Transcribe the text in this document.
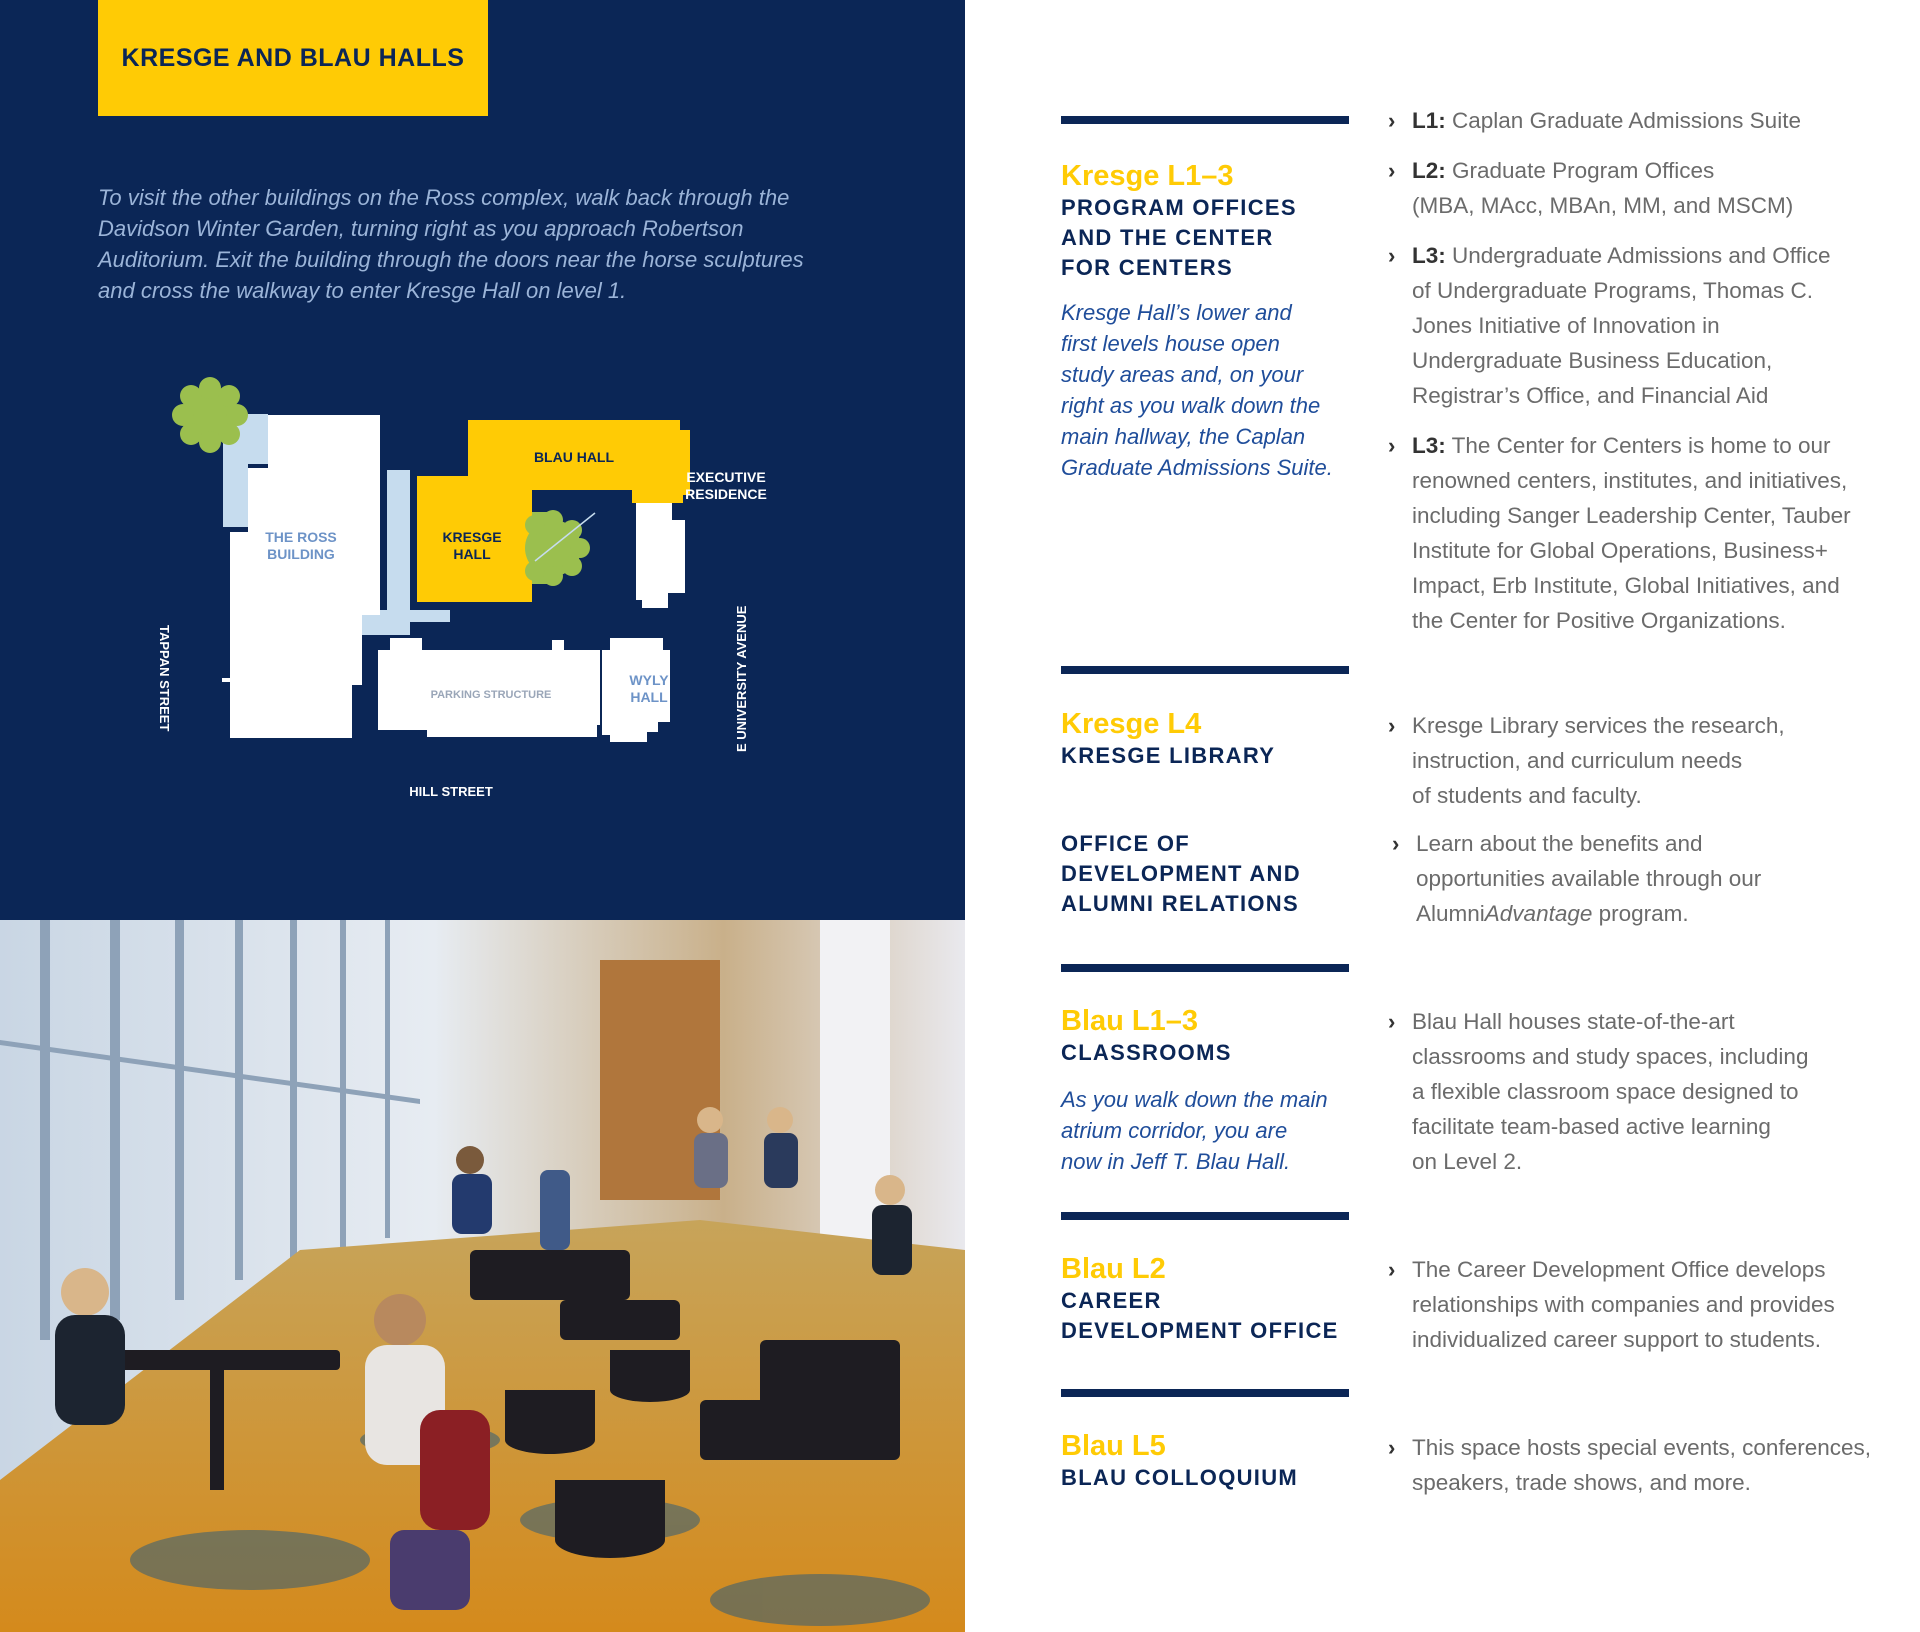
KRESGE AND BLAU HALLS

To visit the other buildings on the Ross complex, walk back through the Davidson Winter Garden, turning right as you approach Robertson Auditorium. Exit the building through the doors near the horse sculptures and cross the walkway to enter Kresge Hall on level 1.

THE ROSS
BUILDING
BLAU HALL
KRESGE
HALL
EXECUTIVE
RESIDENCE
PARKING STRUCTURE
WYLY
HALL
TAPPAN STREET	E UNIVERSITY AVENUE
HILL STREET

Kresge L1–3

PROGRAM OFFICES
AND THE CENTER
FOR CENTERS

Kresge Hall’s lower and
first levels house open
study areas and, on your
right as you walk down the
main hallway, the Caplan
Graduate Admissions Suite.

› L1: Caplan Graduate Admissions Suite

› L2: Graduate Program Offices
(MBA, MAcc, MBAn, MM, and MSCM)

› L3: Undergraduate Admissions and Office
of Undergraduate Programs, Thomas C.
Jones Initiative of Innovation in
Undergraduate Business Education,
Registrar’s Office, and Financial Aid

› L3: The Center for Centers is home to our
renowned centers, institutes, and initiatives,
including Sanger Leadership Center, Tauber
Institute for Global Operations, Business+
Impact, Erb Institute, Global Initiatives, and
the Center for Positive Organizations.

Kresge L4

KRESGE LIBRARY

› Kresge Library services the research,
instruction, and curriculum needs
of students and faculty.

OFFICE OF
DEVELOPMENT AND
ALUMNI RELATIONS

› Learn about the benefits and
opportunities available through our
AlumniAdvantage program.

Blau L1–3

CLASSROOMS

As you walk down the main
atrium corridor, you are
now in Jeff T. Blau Hall.

› Blau Hall houses state-of-the-art
classrooms and study spaces, including
a flexible classroom space designed to
facilitate team-based active learning
on Level 2.

Blau L2

CAREER
DEVELOPMENT OFFICE

› The Career Development Office develops
relationships with companies and provides
individualized career support to students.

Blau L5

BLAU COLLOQUIUM

› This space hosts special events, conferences,
speakers, trade shows, and more.
